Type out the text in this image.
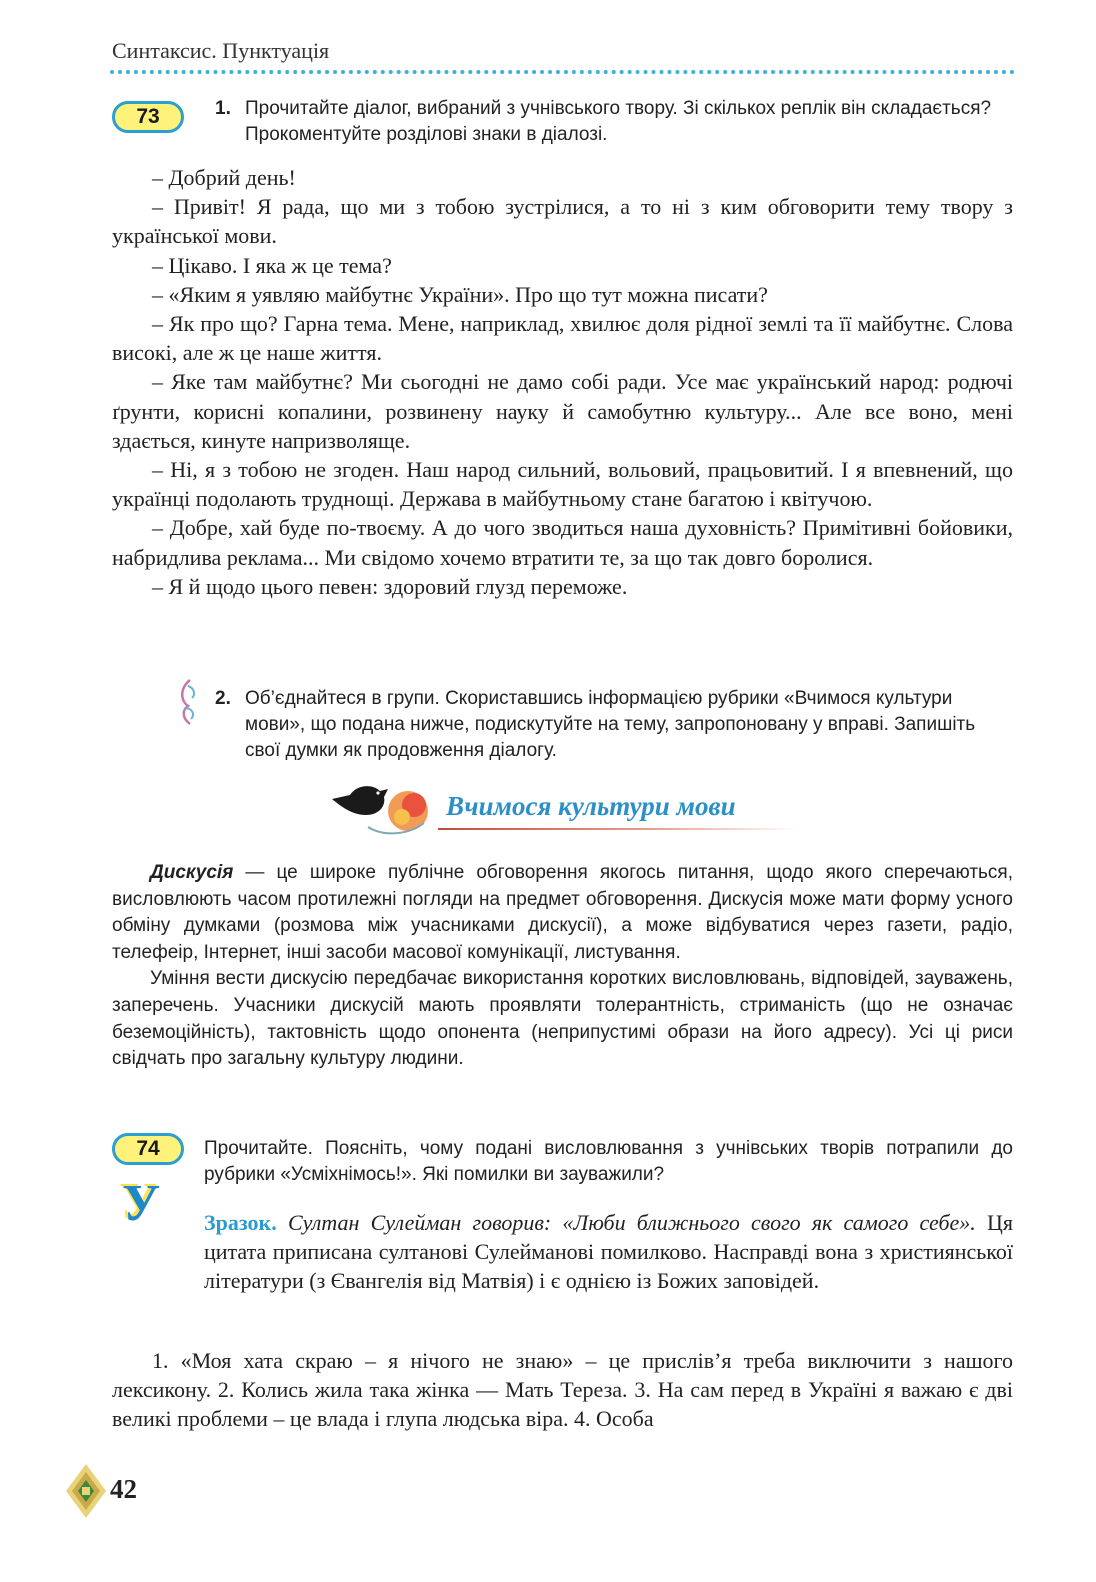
Синтаксис. Пунктуація
73	1. Прочитайте діалог, вибраний з учнівського твору. Зі скількох реплік він складається? Прокоментуйте розділові знаки в діалозі.

– Добрий день!

– Привіт! Я рада, що ми з тобою зустрілися, а то ні з ким обговорити тему твору з української мови.

– Цікаво. І яка ж це тема?

– «Яким я уявляю майбутнє України». Про що тут можна писати?

– Як про що? Гарна тема. Мене, наприклад, хвилює доля рідної землі та її майбутнє. Слова високі, але ж це наше життя.

– Яке там майбутнє? Ми сьогодні не дамо собі ради. Усе має український народ: родючі ґрунти, корисні копалини, розвинену науку й самобутню культуру... Але все воно, мені здається, кинуте напризволяще.

– Ні, я з тобою не згоден. Наш народ сильний, вольовий, працьовитий. І я впевнений, що українці подолають труднощі. Держава в майбутньому стане багатою і квітучою.

– Добре, хай буде по-твоєму. А до чого зводиться наша духовність? Примітивні бойовики, набридлива реклама... Ми свідомо хочемо втратити те, за що так довго боролися.

– Я й щодо цього певен: здоровий глузд переможе.

2. Об’єднайтеся в групи. Скориставшись інформацією рубрики «Вчимося культури мови», що подана нижче, подискутуйте на тему, запропоновану у вправі. Запишіть свої думки як продовження діалогу.
Вчимося культури мови

Дискусія — це широке публічне обговорення якогось питання, щодо якого сперечаються, висловлюють часом протилежні погляди на предмет обговорення. Дискусія може мати форму усного обміну думками (розмова між учасниками дискусії), а може відбуватися через газети, радіо, телефеір, Інтернет, інші засоби масової комунікації, листування.

Уміння вести дискусію передбачає використання коротких висловлювань, відповідей, зауважень, заперечень. Учасники дискусій мають проявляти толерантність, стриманість (що не означає беземоційність), тактовність щодо опонента (неприпустимі образи на його адресу). Усі ці риси свідчать про загальну культуру людини.

74
У
Прочитайте. Поясніть, чому подані висловлювання з учнівських творів потрапили до рубрики «Усміхнімось!». Які помилки ви зауважили?

Зразок. Султан Сулейман говорив: «Люби ближнього свого як самого себе». Ця цитата приписана султанові Сулейманові помилково. Насправді вона з християнської літератури (з Євангелія від Матвія) і є однією із Божих заповідей.

1. «Моя хата скраю – я нічого не знаю» – це прислів’я треба виключити з нашого лексикону. 2. Колись жила така жінка — Мать Тереза. 3. На сам перед в Україні я важаю є дві великі проблеми – це влада і глупа людська віра. 4. Особа

42
